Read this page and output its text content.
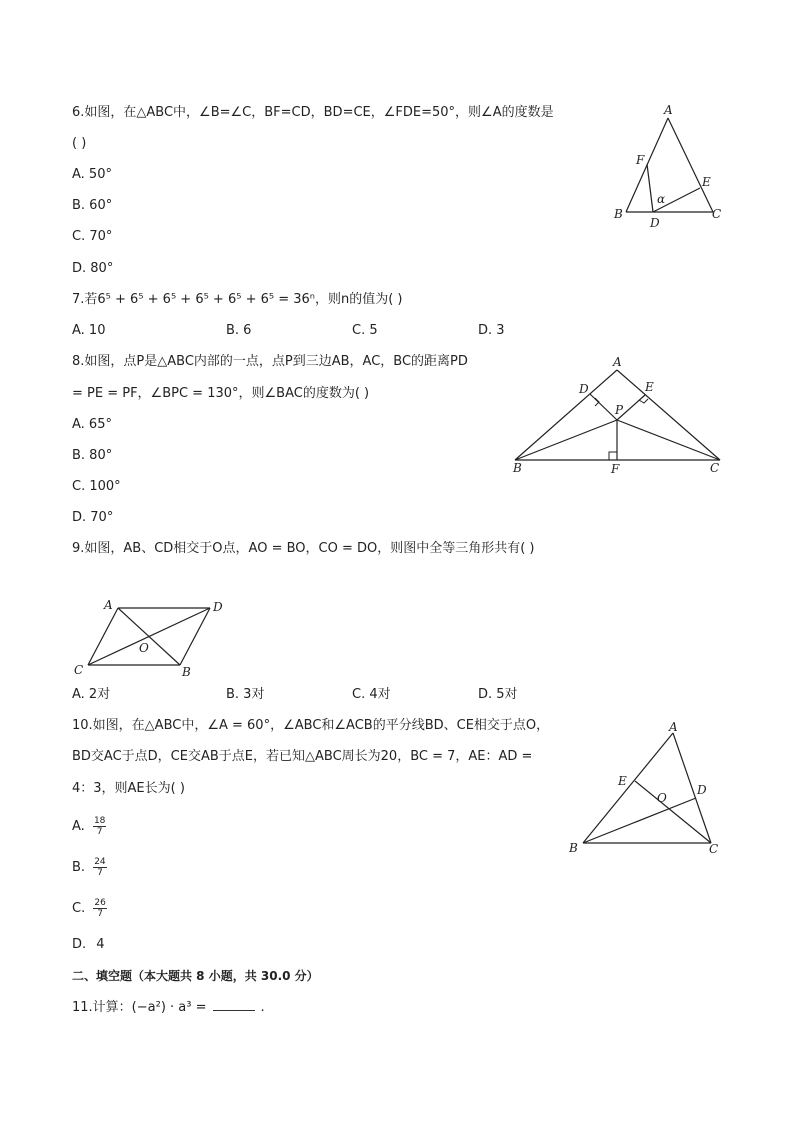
6.如图，在△ABC中，∠B=∠C，BF=CD，BD=CE，∠FDE=50°，则∠A的度数是
( )
A. 50°
B. 60°
C. 70°
D. 80°
A
B	C
D
E
F
α
7.若6⁵ + 6⁵ + 6⁵ + 6⁵ + 6⁵ + 6⁵ = 36ⁿ，则n的值为( )
A. 10	B. 6	C. 5	D. 3
8.如图，点P是△ABC内部的一点，点P到三边AB，AC，BC的距离PD
= PE = PF，∠BPC = 130°，则∠BAC的度数为( )
A. 65°
B. 80°
C. 100°
D. 70°
A
B	C
D	E
F
P
9.如图，AB、CD相交于O点，AO = BO，CO = DO，则图中全等三角形共有( )
A	D
C	B
O
A. 2对	B. 3对	C. 4对	D. 5对
10.如图，在△ABC中，∠A = 60°，∠ABC和∠ACB的平分线BD、CE相交于点O，
BD交AC于点D，CE交AB于点E，若已知△ABC周长为20，BC = 7，AE：AD =
4：3，则AE长为( )
A. $\frac{18}{7}$
B. $\frac{24}{7}$
C. $\frac{26}{7}$
D. 4
A
B	C
D
E
O
二、填空题（本大题共 8 小题，共 30.0 分）
11.计算：(−a²) · a³ =	.
